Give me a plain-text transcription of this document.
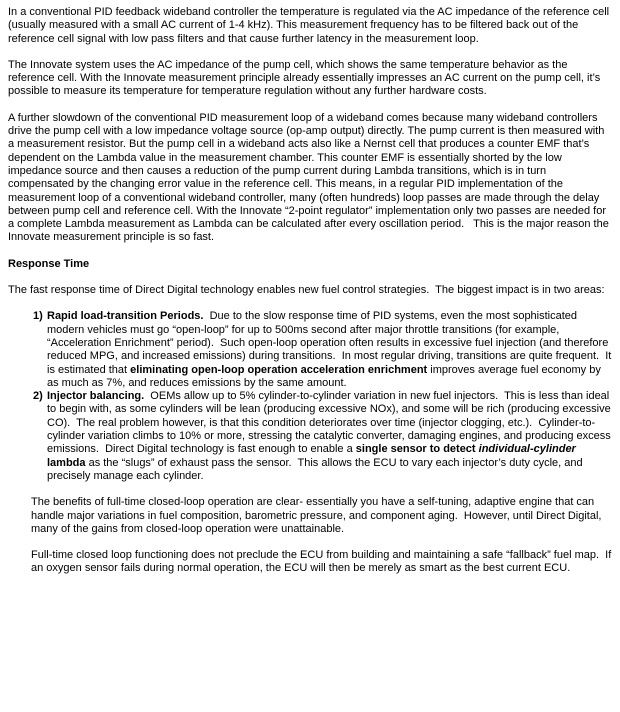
In a conventional PID feedback wideband controller the temperature is regulated via the AC impedance of the reference cell (usually measured with a small AC current of 1-4 kHz). This measurement frequency has to be filtered back out of the reference cell signal with low pass filters and that cause further latency in the measurement loop.
The Innovate system uses the AC impedance of the pump cell, which shows the same temperature behavior as the reference cell. With the Innovate measurement principle already essentially impresses an AC current on the pump cell, it’s possible to measure its temperature for temperature regulation without any further hardware costs.
A further slowdown of the conventional PID measurement loop of a wideband comes because many wideband controllers drive the pump cell with a low impedance voltage source (op-amp output) directly. The pump current is then measured with a measurement resistor. But the pump cell in a wideband acts also like a Nernst cell that produces a counter EMF that’s dependent on the Lambda value in the measurement chamber. This counter EMF is essentially shorted by the low impedance source and then causes a reduction of the pump current during Lambda transitions, which is in turn compensated by the changing error value in the reference cell. This means, in a regular PID implementation of the measurement loop of a conventional wideband controller, many (often hundreds) loop passes are made through the delay between pump cell and reference cell. With the Innovate “2-point regulator” implementation only two passes are needed for a complete Lambda measurement as Lambda can be calculated after every oscillation period.   This is the major reason the Innovate measurement principle is so fast.
Response Time
The fast response time of Direct Digital technology enables new fuel control strategies.  The biggest impact is in two areas:
1) Rapid load-transition Periods.  Due to the slow response time of PID systems, even the most sophisticated modern vehicles must go “open-loop” for up to 500ms second after major throttle transitions (for example, “Acceleration Enrichment” period).  Such open-loop operation often results in excessive fuel injection (and therefore reduced MPG, and increased emissions) during transitions.  In most regular driving, transitions are quite frequent.  It is estimated that eliminating open-loop operation acceleration enrichment improves average fuel economy by as much as 7%, and reduces emissions by the same amount.
2) Injector balancing.  OEMs allow up to 5% cylinder-to-cylinder variation in new fuel injectors.  This is less than ideal to begin with, as some cylinders will be lean (producing excessive NOx), and some will be rich (producing excessive CO).  The real problem however, is that this condition deteriorates over time (injector clogging, etc.).  Cylinder-to-cylinder variation climbs to 10% or more, stressing the catalytic converter, damaging engines, and producing excess emissions.  Direct Digital technology is fast enough to enable a single sensor to detect individual-cylinder lambda as the “slugs” of exhaust pass the sensor.  This allows the ECU to vary each injector’s duty cycle, and precisely manage each cylinder.
The benefits of full-time closed-loop operation are clear- essentially you have a self-tuning, adaptive engine that can handle major variations in fuel composition, barometric pressure, and component aging.  However, until Direct Digital, many of the gains from closed-loop operation were unattainable.
Full-time closed loop functioning does not preclude the ECU from building and maintaining a safe “fallback” fuel map.  If an oxygen sensor fails during normal operation, the ECU will then be merely as smart as the best current ECU.
